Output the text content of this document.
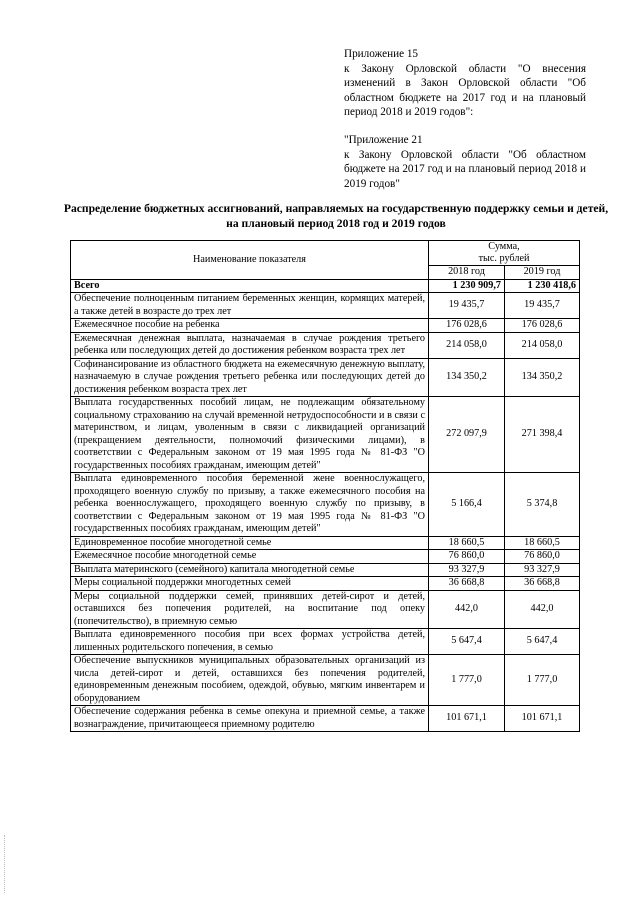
Приложение 15
к Закону Орловской области "О внесения изменений в Закон Орловской области "Об областном бюджете на 2017 год и на плановый период 2018 и 2019 годов":
"Приложение 21
к Закону Орловской области "Об областном бюджете на 2017 год и на плановый период 2018 и 2019 годов"
Распределение бюджетных ассигнований, направляемых на государственную поддержку семьи и детей, на плановый период 2018 год и 2019 годов
Наименование показателя	Сумма,
тыс. рублей	
	2018 год	2019 год
Всего	1 230 909,7	1 230 418,6
Обеспечение полноценным питанием беременных женщин, кормящих матерей, а также детей в возрасте до трех лет	19 435,7	19 435,7
Ежемесячное пособие на ребенка	176 028,6	176 028,6
Ежемесячная денежная выплата, назначаемая в случае рождения третьего ребенка или последующих детей до достижения ребенком возраста трех лет	214 058,0	214 058,0
Софинансирование из областного бюджета на ежемесячную денежную выплату, назначаемую в случае рождения третьего ребенка или последующих детей до достижения ребенком возраста трех лет	134 350,2	134 350,2
Выплата государственных пособий лицам, не подлежащим обязательному социальному страхованию на случай временной нетрудоспособности и в связи с материнством, и лицам, уволенным в связи с ликвидацией организаций (прекращением деятельности, полномочий физическими лицами), в соответствии с Федеральным законом от 19 мая 1995 года № 81-ФЗ "О государственных пособиях гражданам, имеющим детей"	272 097,9	271 398,4
Выплата единовременного пособия беременной жене военнослужащего, проходящего военную службу по призыву, а также ежемесячного пособия на ребенка военнослужащего, проходящего военную службу по призыву, в соответствии с Федеральным законом от 19 мая 1995 года № 81-ФЗ "О государственных пособиях гражданам, имеющим детей"	5 166,4	5 374,8
Единовременное пособие многодетной семье	18 660,5	18 660,5
Ежемесячное пособие многодетной семье	76 860,0	76 860,0
Выплата материнского (семейного) капитала многодетной семье	93 327,9	93 327,9
Меры социальной поддержки многодетных семей	36 668,8	36 668,8
Меры социальной поддержки семей, принявших детей-сирот и детей, оставшихся без попечения родителей, на воспитание под опеку (попечительство), в приемную семью	442,0	442,0
Выплата единовременного пособия при всех формах устройства детей, лишенных родительского попечения, в семью	5 647,4	5 647,4
Обеспечение выпускников муниципальных образовательных организаций из числа детей-сирот и детей, оставшихся без попечения родителей, единовременным денежным пособием, одеждой, обувью, мягким инвентарем и оборудованием	1 777,0	1 777,0
Обеспечение содержания ребенка в семье опекуна и приемной семье, а также вознаграждение, причитающееся приемному родителю	101 671,1	101 671,1
